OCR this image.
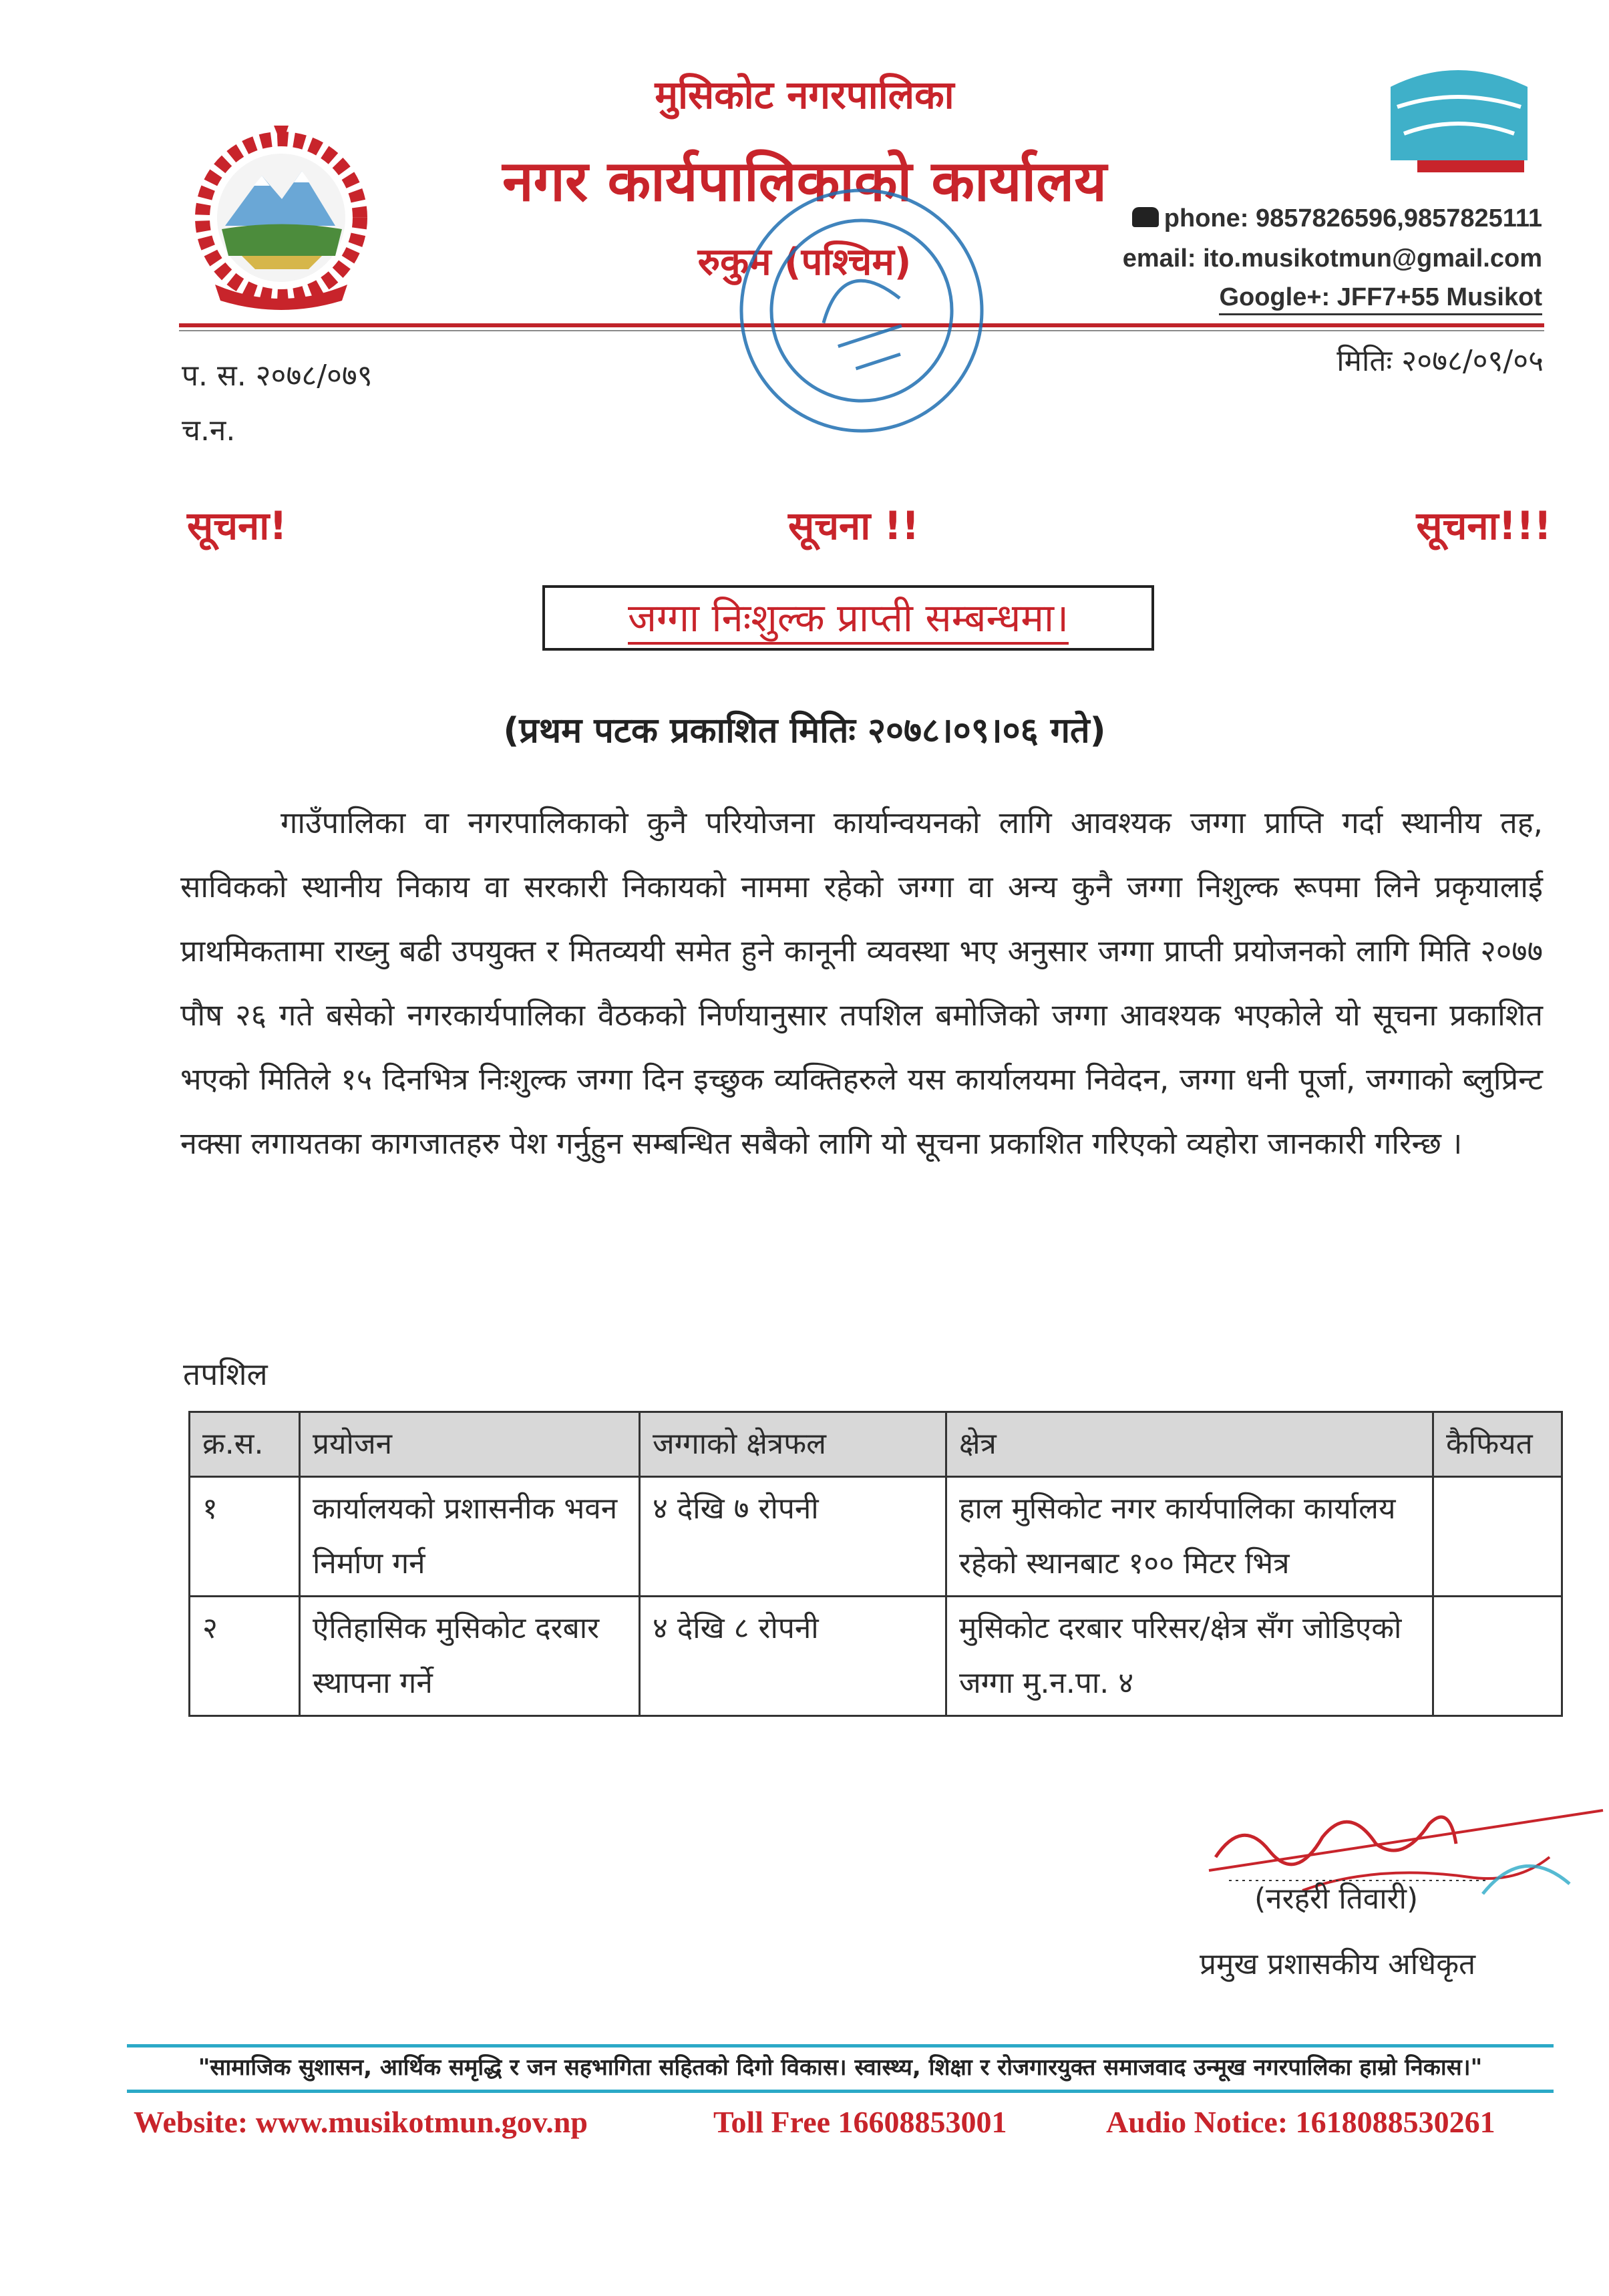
मुसिकोट नगरपालिका
नगर कार्यपालिकाको कार्यालय
रुकुम (पश्चिम)
phone: 9857826596,9857825111
email: ito.musikotmun@gmail.com
Google+: JFF7+55 Musikot
प. स. २०७८/०७९
च.न.
मितिः २०७८/०९/०५
सूचना!	सूचना !!	सूचना!!!
जग्गा निःशुल्क प्राप्ती सम्बन्धमा।
(प्रथम पटक प्रकाशित मितिः २०७८।०९।०६ गते)
गाउँपालिका वा नगरपालिकाको कुनै परियोजना कार्यान्वयनको लागि आवश्यक जग्गा प्राप्ति गर्दा स्थानीय तह, साविकको स्थानीय निकाय वा सरकारी निकायको नाममा रहेको जग्गा वा अन्य कुनै जग्गा निशुल्क रूपमा लिने प्रकृयालाई प्राथमिकतामा राख्नु बढी उपयुक्त र मितव्ययी समेत हुने कानूनी व्यवस्था भए अनुसार जग्गा प्राप्ती प्रयोजनको लागि मिति २०७७ पौष २६ गते बसेको नगरकार्यपालिका वैठकको निर्णयानुसार तपशिल बमोजिको जग्गा आवश्यक भएकोले यो सूचना प्रकाशित भएको मितिले १५ दिनभित्र निःशुल्क जग्गा दिन इच्छुक व्यक्तिहरुले यस कार्यालयमा निवेदन, जग्गा धनी पूर्जा, जग्गाको ब्लुप्रिन्ट नक्सा लगायतका कागजातहरु पेश गर्नुहुन सम्बन्धित सबैको लागि यो सूचना प्रकाशित गरिएको व्यहोरा जानकारी गरिन्छ ।
तपशिल
क्र.स.	प्रयोजन	जग्गाको क्षेत्रफल	क्षेत्र	कैफियत
१	कार्यालयको प्रशासनीक भवन निर्माण गर्न	४ देखि ७ रोपनी	हाल मुसिकोट नगर कार्यपालिका कार्यालय रहेको स्थानबाट १०० मिटर भित्र	
२	ऐतिहासिक मुसिकोट दरबार स्थापना गर्ने	४ देखि ८ रोपनी	मुसिकोट दरबार परिसर/क्षेत्र सँग जोडिएको जग्गा मु.न.पा. ४	
(नरहरी तिवारी)
प्रमुख प्रशासकीय अधिकृत
"सामाजिक सुशासन, आर्थिक समृद्धि र जन सहभागिता सहितको दिगो विकास। स्वास्थ्य, शिक्षा र रोजगारयुक्त समाजवाद उन्मूख नगरपालिका हाम्रो निकास।"
Website: www.musikotmun.gov.np	Toll Free 16608853001	Audio Notice: 1618088530261
